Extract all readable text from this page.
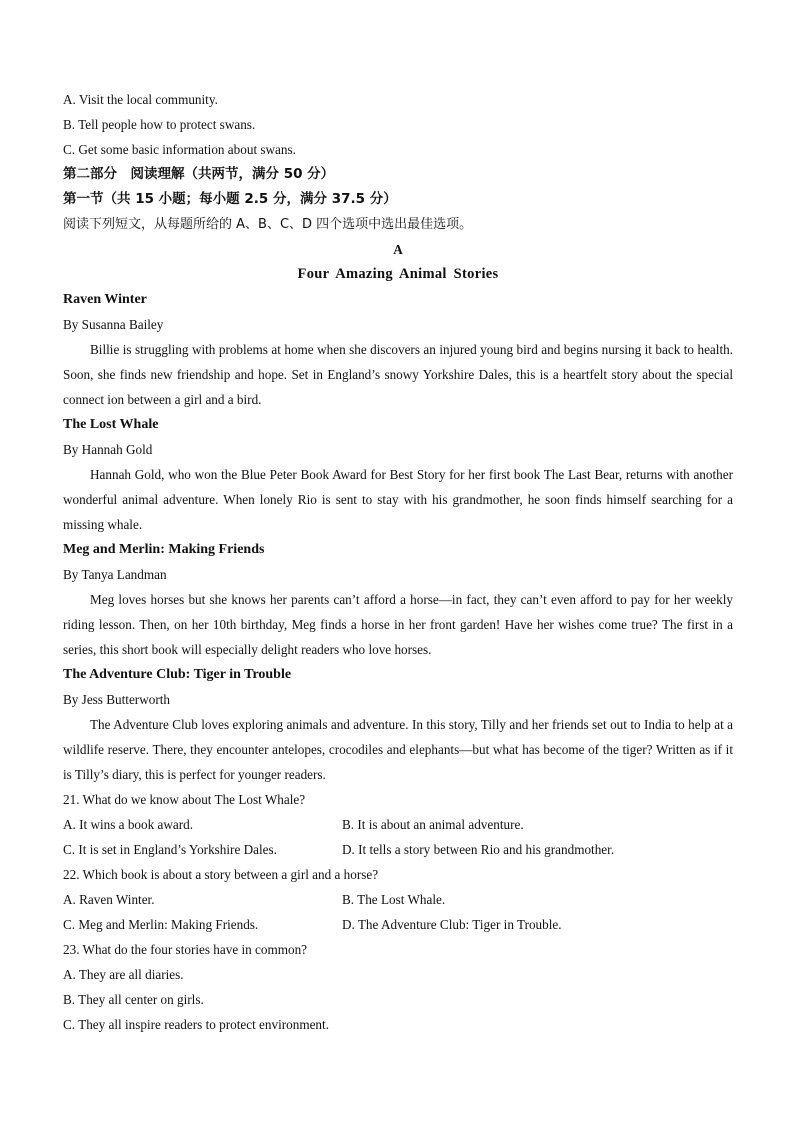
A. Visit the local community.
B. Tell people how to protect swans.
C. Get some basic information about swans.
第二部分　阅读理解（共两节，满分 50 分）
第一节（共 15 小题；每小题 2.5 分，满分 37.5 分）
阅读下列短文，从每题所给的 A、B、C、D 四个选项中选出最佳选项。
A
Four Amazing Animal Stories
Raven Winter
By Susanna Bailey
Billie is struggling with problems at home when she discovers an injured young bird and begins nursing it back to health. Soon, she finds new friendship and hope. Set in England’s snowy Yorkshire Dales, this is a heartfelt story about the special connect ion between a girl and a bird.
The Lost Whale
By Hannah Gold
Hannah Gold, who won the Blue Peter Book Award for Best Story for her first book The Last Bear, returns with another wonderful animal adventure. When lonely Rio is sent to stay with his grandmother, he soon finds himself searching for a missing whale.
Meg and Merlin: Making Friends
By Tanya Landman
Meg loves horses but she knows her parents can’t afford a horse—in fact, they can’t even afford to pay for her weekly riding lesson. Then, on her 10th birthday, Meg finds a horse in her front garden! Have her wishes come true? The first in a series, this short book will especially delight readers who love horses.
The Adventure Club: Tiger in Trouble
By Jess Butterworth
The Adventure Club loves exploring animals and adventure. In this story, Tilly and her friends set out to India to help at a wildlife reserve. There, they encounter antelopes, crocodiles and elephants—but what has become of the tiger? Written as if it is Tilly’s diary, this is perfect for younger readers.
21. What do we know about The Lost Whale?
A. It wins a book award.	B. It is about an animal adventure.
C. It is set in England’s Yorkshire Dales.	D. It tells a story between Rio and his grandmother.
22. Which book is about a story between a girl and a horse?
A. Raven Winter.	B. The Lost Whale.
C. Meg and Merlin: Making Friends.	D. The Adventure Club: Tiger in Trouble.
23. What do the four stories have in common?
A. They are all diaries.
B. They all center on girls.
C. They all inspire readers to protect environment.
